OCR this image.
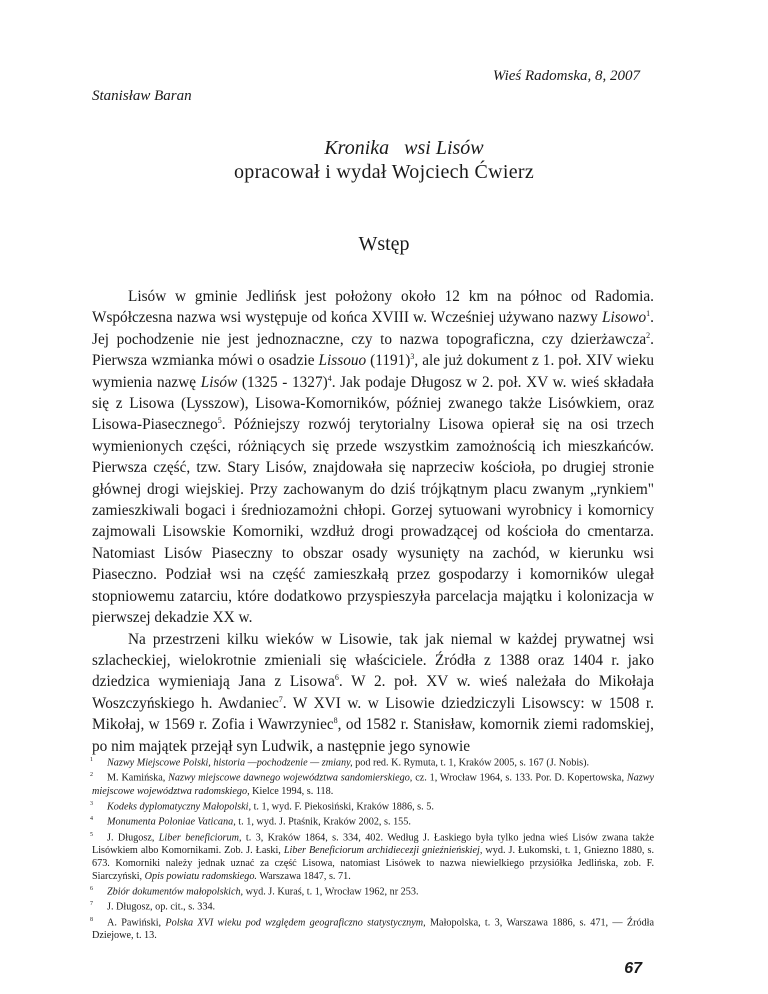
Wieś Radomska, 8, 2007
Stanisław Baran
Kronika   wsi Lisów
opracował i wydał Wojciech Ćwierz
Wstęp

Lisów w gminie Jedlińsk jest położony około 12 km na północ od Radomia. Współczesna nazwa wsi występuje od końca XVIII w. Wcześniej używano nazwy Lisowo$^1$. Jej pochodzenie nie jest jednoznaczne, czy to nazwa topograficzna, czy dzierżawcza$^2$. Pierwsza wzmianka mówi o osadzie Lissouo $(1191)^3$, ale już dokument z 1. poł. XIV wieku wymienia nazwę Lisów (1325 - 1327)$^4$. Jak podaje Długosz w 2. poł. XV w. wieś składała się z Lisowa (Lysszow), Lisowa-Komorników, później zwanego także Lisówkiem, oraz Lisowa-Piasecznego$^5$. Późniejszy rozwój terytorialny Lisowa opierał się na osi trzech wymienionych części, różniących się przede wszystkim zamożnością ich mieszkańców. Pierwsza część, tzw. Stary Lisów, znajdowała się naprzeciw kościoła, po drugiej stronie głównej drogi wiejskiej. Przy zachowanym do dziś trójkątnym placu zwanym „rynkiem" zamieszkiwali bogaci i średniozamożni chłopi. Gorzej sytuowani wyrobnicy i komornicy zajmowali Lisowskie Komorniki, wzdłuż drogi prowadzącej od kościoła do cmentarza. Natomiast Lisów Piaseczny to obszar osady wysunięty na zachód, w kierunku wsi Piaseczno. Podział wsi na część zamieszkałą przez gospodarzy i komorników ulegał stopniowemu zatarciu, które dodatkowo przyspieszyła parcelacja majątku i kolonizacja w pierwszej dekadzie XX w.

Na przestrzeni kilku wieków w Lisowie, tak jak niemal w każdej prywatnej wsi szlacheckiej, wielokrotnie zmieniali się właściciele. Źródła z 1388 oraz 1404 r. jako dziedzica wymieniają Jana z Lisowa$^6$. W 2. poł. XV w. wieś należała do Mikołaja Woszczyńskiego h. Awdaniec$^7$. W XVI w. w Lisowie dziedziczyli Lisowscy: w 1508 r. Mikołaj, w 1569 r. Zofia i Wawrzyniec$^8$, od 1582 r. Stanisław, komornik ziemi radomskiej, po nim majątek przejął syn Ludwik, a następnie jego synowie

$^1$ Nazwy Miejscowe Polski, historia —pochodzenie — zmiany, pod red. K. Rymuta, t. 1, Kraków 2005, s. 167 (J. Nobis).

$^2$ M. Kamińska, Nazwy miejscowe dawnego województwa sandomierskiego, cz. 1, Wrocław 1964, s. 133. Por. D. Kopertowska, Nazwy miejscowe województwa radomskiego, Kielce 1994, s. 118.

$^3$ Kodeks dyplomatyczny Małopolski, t. 1, wyd. F. Piekosiński, Kraków 1886, s. 5.

$^4$ Monumenta Poloniae Vaticana, t. 1, wyd. J. Ptaśnik, Kraków 2002, s. 155.

$^5$ J. Długosz, Liber beneficiorum, t. 3, Kraków 1864, s. 334, 402. Według J. Łaskiego była tylko jedna wieś Lisów zwana także Lisówkiem albo Komornikami. Zob. J. Łaski, Liber Beneficiorum archidiecezji gnieźnieńskiej, wyd. J. Łukomski, t. 1, Gniezno 1880, s. 673. Komorniki należy jednak uznać za część Lisowa, natomiast Lisówek to nazwa niewielkiego przysiółka Jedlińska, zob. F. Siarczyński, Opis powiatu radomskiego. Warszawa 1847, s. 71.

$^6$ Zbiór dokumentów małopolskich, wyd. J. Kuraś, t. 1, Wrocław 1962, nr 253.

$^7$ J. Długosz, op. cit., s. 334.

$^8$ A. Pawiński, Polska XVI wieku pod względem geograficzno statystycznym, Małopolska, t. 3, Warszawa 1886, s. 471, — Źródła Dziejowe, t. 13.

67
